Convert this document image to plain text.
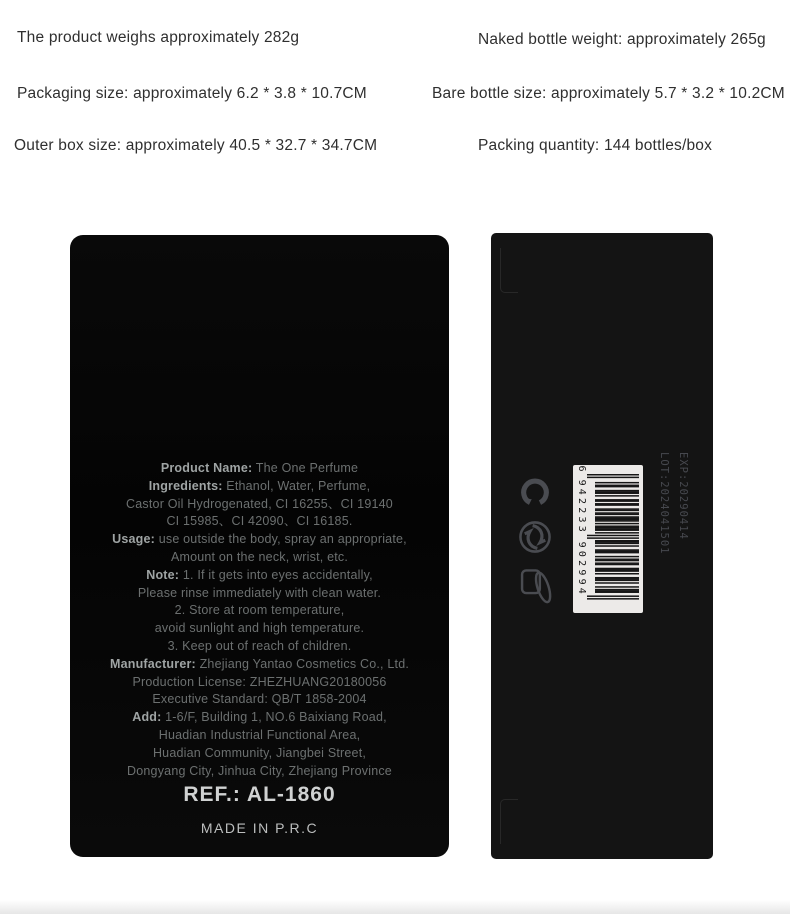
The product weighs approximately 282g	Naked bottle weight: approximately 265g
Packaging size: approximately 6.2 * 3.8 * 10.7CM	Bare bottle size: approximately 5.7 * 3.2 * 10.2CM
Outer box size: approximately 40.5 * 32.7 * 34.7CM	Packing quantity: 144 bottles/box
Product Name: The One Perfume
Ingredients: Ethanol, Water, Perfume,
Castor Oil Hydrogenated, CI 16255、CI 19140
CI 15985、CI 42090、CI 16185.
Usage: use outside the body, spray an appropriate,
Amount on the neck, wrist, etc.
Note: 1. If it gets into eyes accidentally,
Please rinse immediately with clean water.
2. Store at room temperature,
avoid sunlight and high temperature.
3. Keep out of reach of children.
Manufacturer: Zhejiang Yantao Cosmetics Co., Ltd.
Production License: ZHEZHUANG20180056
Executive Standard: QB/T 1858-2004
Add: 1-6/F, Building 1, NO.6 Baixiang Road,
Huadian Industrial Functional Area,
Huadian Community, Jiangbei Street,
Dongyang City, Jinhua City, Zhejiang Province
REF.: AL-1860
MADE IN P.R.C
6
9
4
2
2
3
3
9
0
2
9
9
4
LOT:2024041501 EXP:20290414
